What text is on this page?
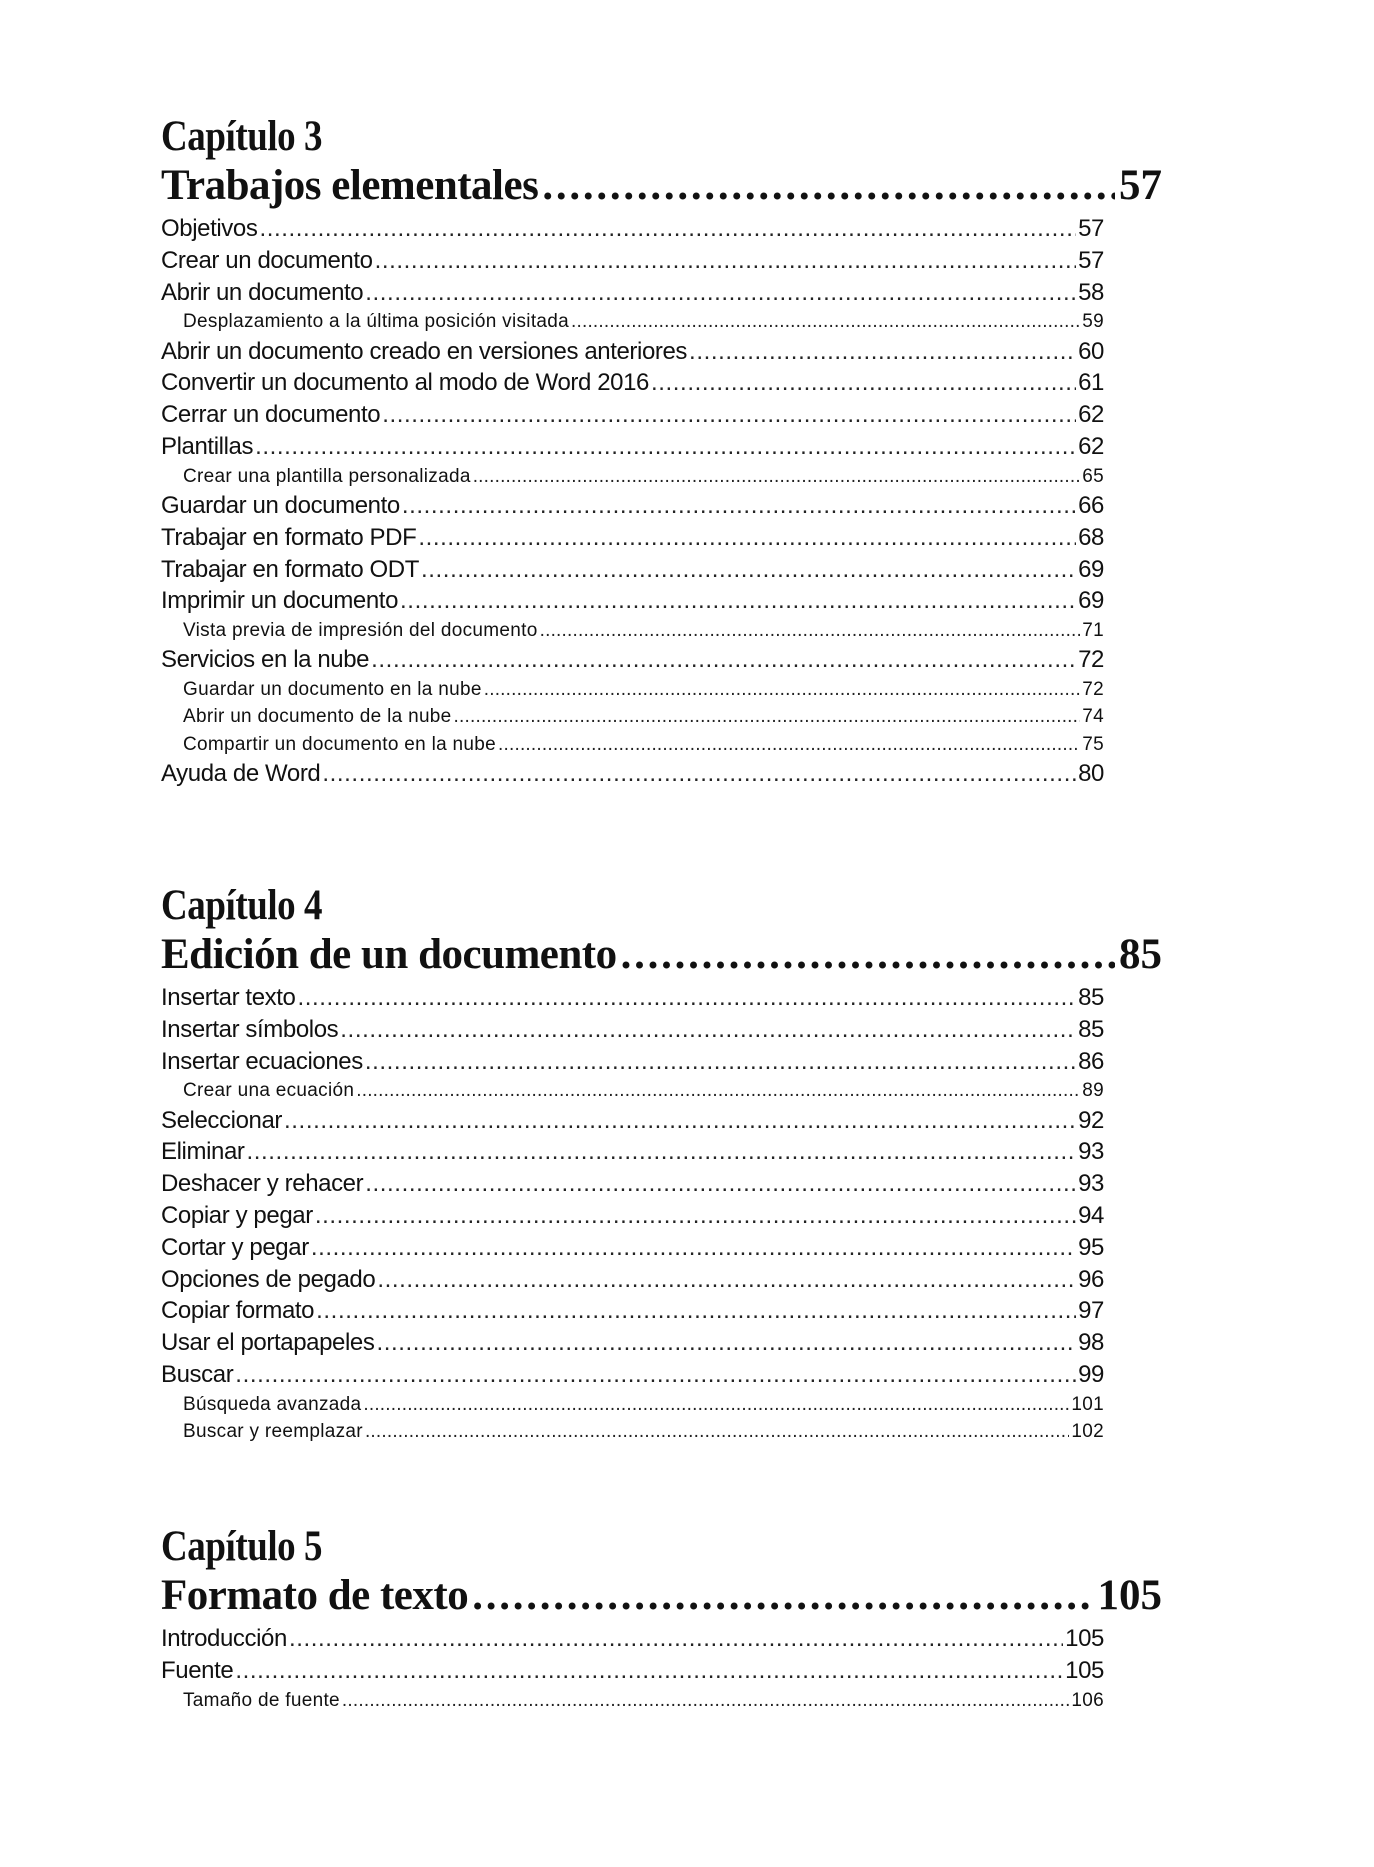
Capítulo 3
Trabajos elementales . . .	57
Objetivos .....	57
Crear un documento .....	57
Abrir un documento .....	58
Desplazamiento a la última posición visitada .....	59
Abrir un documento creado en versiones anteriores .....	60
Convertir un documento al modo de Word 2016 .....	61
Cerrar un documento .....	62
Plantillas .....	62
Crear una plantilla personalizada .....	65
Guardar un documento .....	66
Trabajar en formato PDF .....	68
Trabajar en formato ODT .....	69
Imprimir un documento .....	69
Vista previa de impresión del documento .....	71
Servicios en la nube .....	72
Guardar un documento en la nube .....	72
Abrir un documento de la nube .....	74
Compartir un documento en la nube .....	75
Ayuda de Word .....	80
Capítulo 4
Edición de un documento . . .	85
Insertar texto .....	85
Insertar símbolos .....	85
Insertar ecuaciones .....	86
Crear una ecuación .....	89
Seleccionar .....	92
Eliminar .....	93
Deshacer y rehacer .....	93
Copiar y pegar .....	94
Cortar y pegar .....	95
Opciones de pegado .....	96
Copiar formato .....	97
Usar el portapapeles .....	98
Buscar .....	99
Búsqueda avanzada .....	101
Buscar y reemplazar .....	102
Capítulo 5
Formato de texto . . .	105
Introducción .....	105
Fuente .....	105
Tamaño de fuente .....	106
